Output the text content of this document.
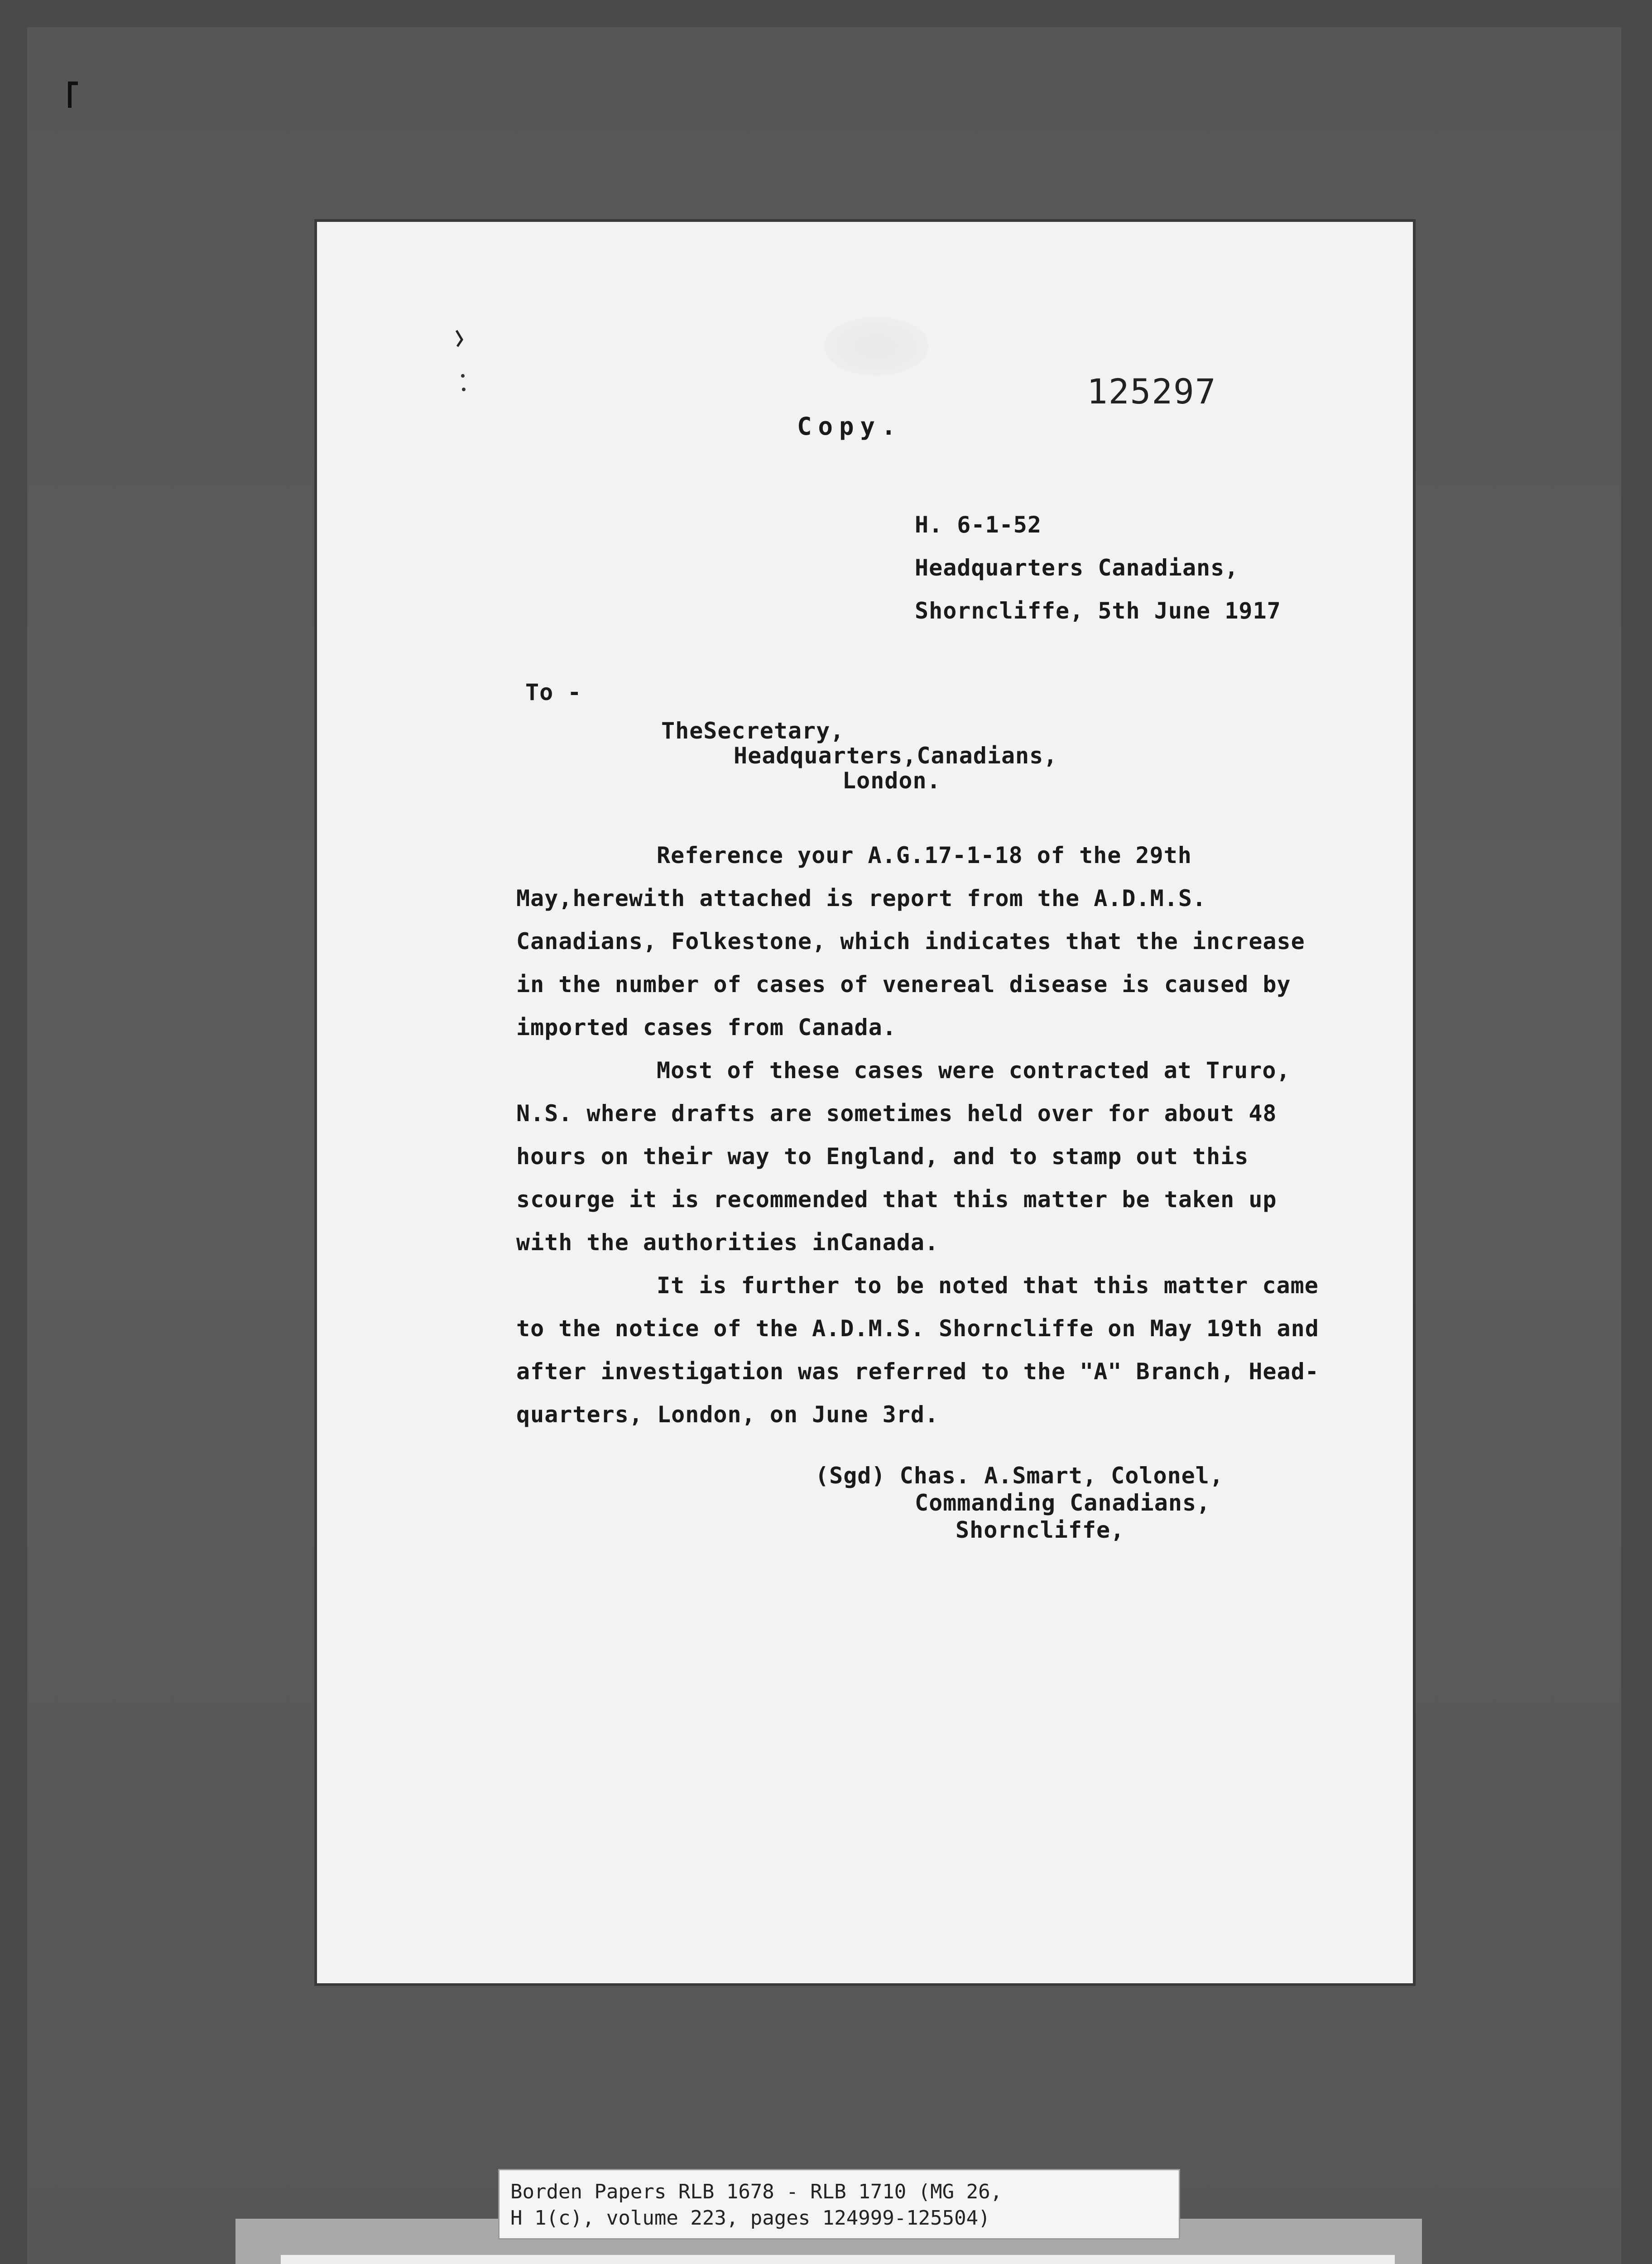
125297
Copy.
H. 6-1-52
Headquarters Canadians,
Shorncliffe, 5th June 1917
To -
TheSecretary,
Headquarters,Canadians,
London.
Reference your A.G.17-1-18 of the 29th
May,herewith attached is report from the A.D.M.S.
Canadians, Folkestone, which indicates that the increase
in the number of cases of venereal disease is caused by
imported cases from Canada.
Most of these cases were contracted at Truro,
N.S. where drafts are sometimes held over for about 48
hours on their way to England, and to stamp out this
scourge it is recommended that this matter be taken up
with the authorities inCanada.
It is further to be noted that this matter came
to the notice of the A.D.M.S. Shorncliffe on May 19th and
after investigation was referred to the "A" Branch, Head-
quarters, London, on June 3rd.
(Sgd) Chas. A.Smart, Colonel,
Commanding Canadians,
Shorncliffe,
Borden Papers RLB 1678 - RLB 1710 (MG 26,
H 1(c), volume 223, pages 124999-125504)
